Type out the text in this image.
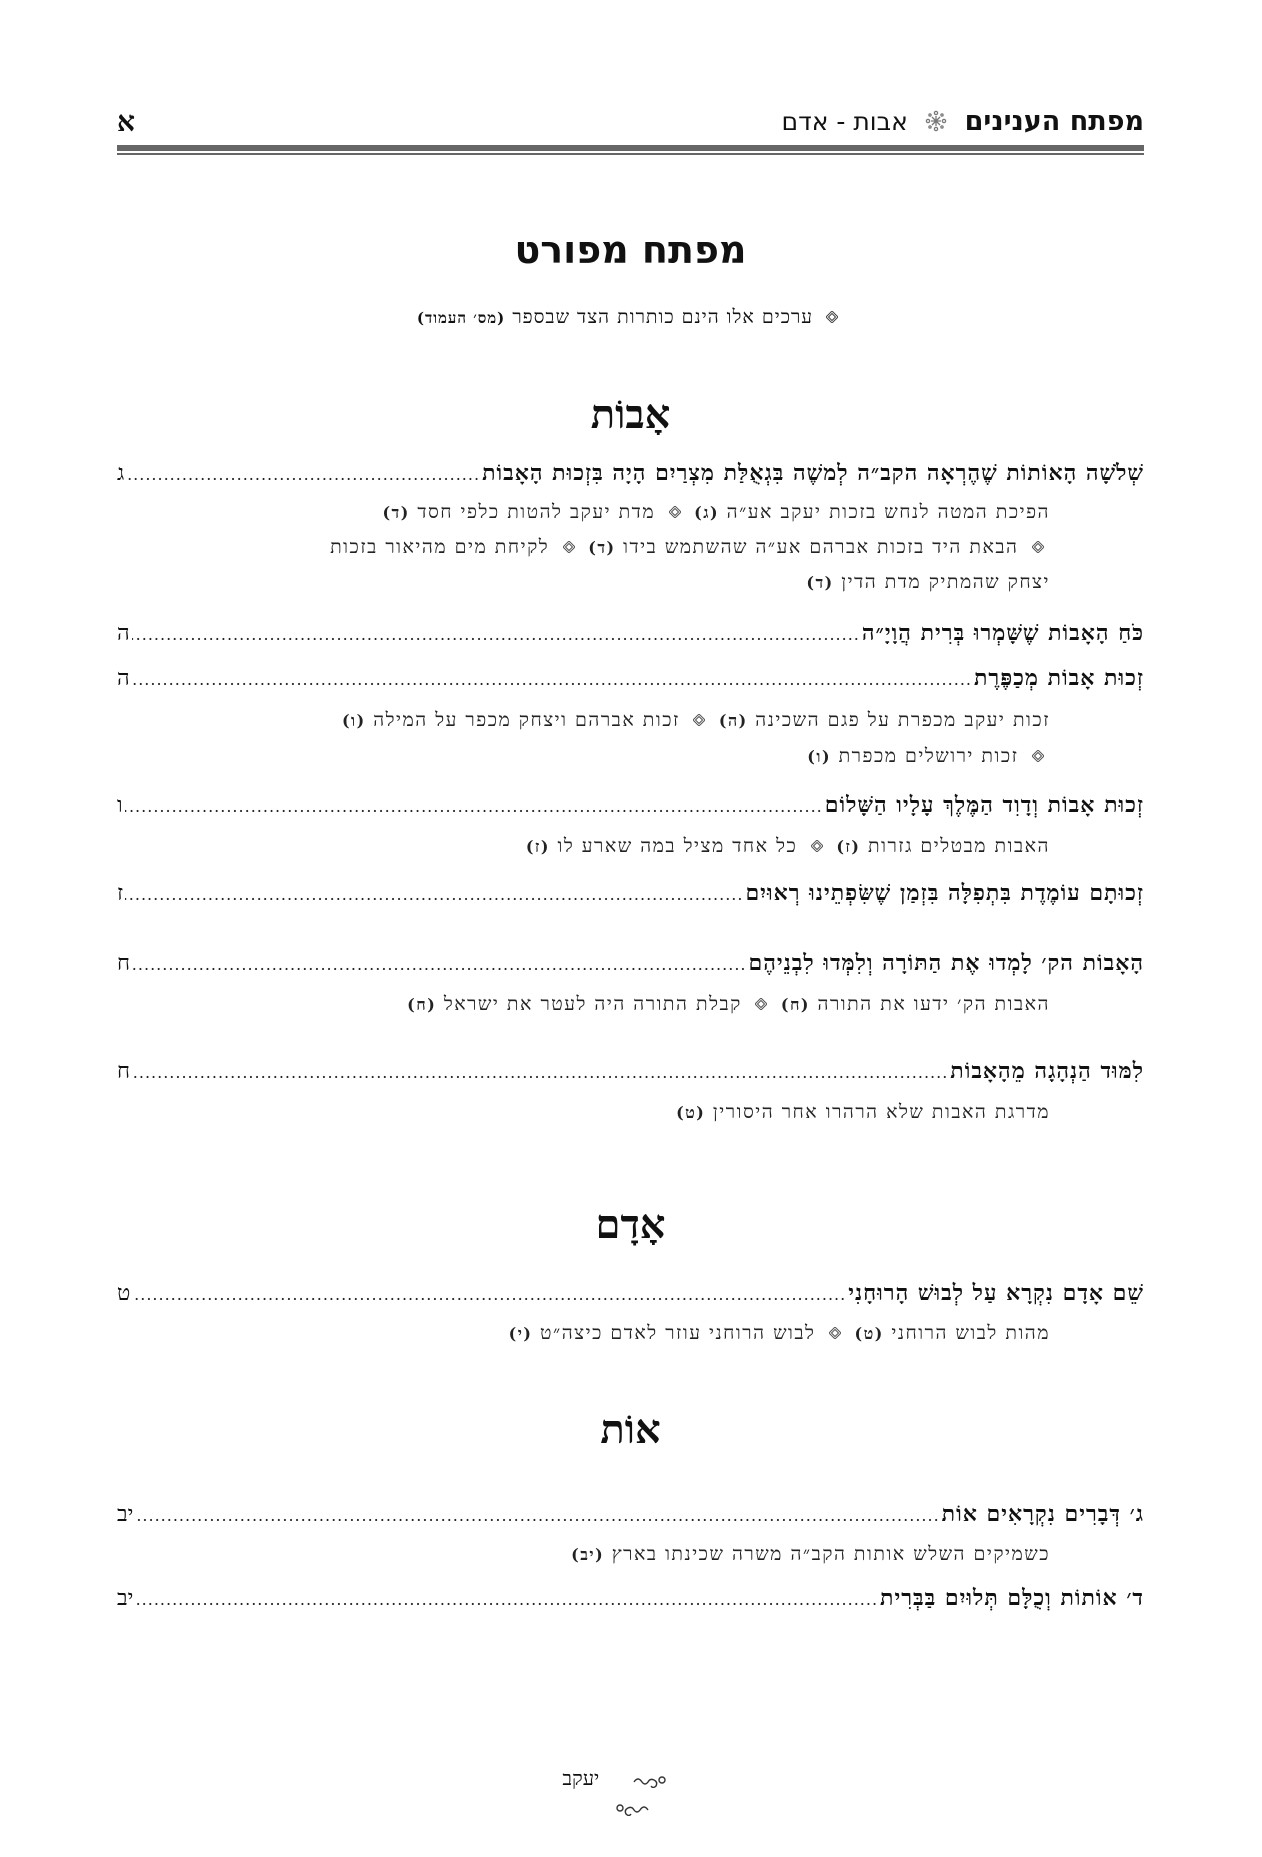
מפתח הענינים  אבות - אדם
א
מפתח מפורט
ערכים אלו הינם כותרות הצד שבספר (מס׳ העמוד)
אָבוֹת
שְׁלֹשָׁה הָאוֹתוֹת שֶׁהֶרְאָה הקב״ה לְמשֶׁה בִּגְאֻלַּת מִצְרַיִם הָיָה בִּזְכוּת הָאָבוֹת
.....
ג
הפיכת המטה לנחש בזכות יעקב אע״ה (ג)  מדת יעקב להטות כלפי חסד (ד)
הבאת היד בזכות אברהם אע״ה שהשתמש בידו (ד)  לקיחת מים מהיאור בזכות
יצחק שהמתיק מדת הדין (ד)
כֹּחַ הָאָבוֹת שֶׁשָּׁמְרוּ בְּרִית הֲוָיָ״ה
.....
ה
זְכוּת אָבוֹת מְכַפֶּרֶת
.....
ה
זכות יעקב מכפרת על פגם השכינה (ה)  זכות אברהם ויצחק מכפר על המילה (ו)
זכות ירושלים מכפרת (ו)
זְכוּת אָבוֹת וְדָוִד הַמֶּלֶךְ עָלָיו הַשָּׁלוֹם
.....
ו
האבות מבטלים גזרות (ז)  כל אחד מציל במה שארע לו (ז)
זְכוּתָם עוֹמֶדֶת בִּתְפִלָּה בִּזְמַן שֶׁשִּׂפְתֵינוּ רְאוּיִם
.....
ז
הָאָבוֹת הק׳ לָמְדוּ אֶת הַתּוֹרָה וְלִמְּדוּ לִבְנֵיהֶם
.....
ח
האבות הק׳ ידעו את התורה (ח)  קבלת התורה היה לעטר את ישראל (ח)
לִמּוּד הַנְהָגָה מֵהָאָבוֹת
.....
ח
מדרגת האבות שלא הרהרו אחר היסורין (ט)
אָדָם
שֵׁם אָדָם נִקְרָא עַל לְבוּשׁ הָרוּחָנִי
.....
ט
מהות לבוש הרוחני (ט)  לבוש הרוחני עוזר לאדם כיצה״ט (י)
אוֹת
ג׳ דְּבָרִים נִקְרָאִים אוֹת
.....
יב
כשמיקים השלש אותות הקב״ה משרה שכינתו בארץ (יב)
ד׳ אוֹתוֹת וְכֻלָּם תְּלוּיִם בַּבְּרִית
.....
יב
יעקב
